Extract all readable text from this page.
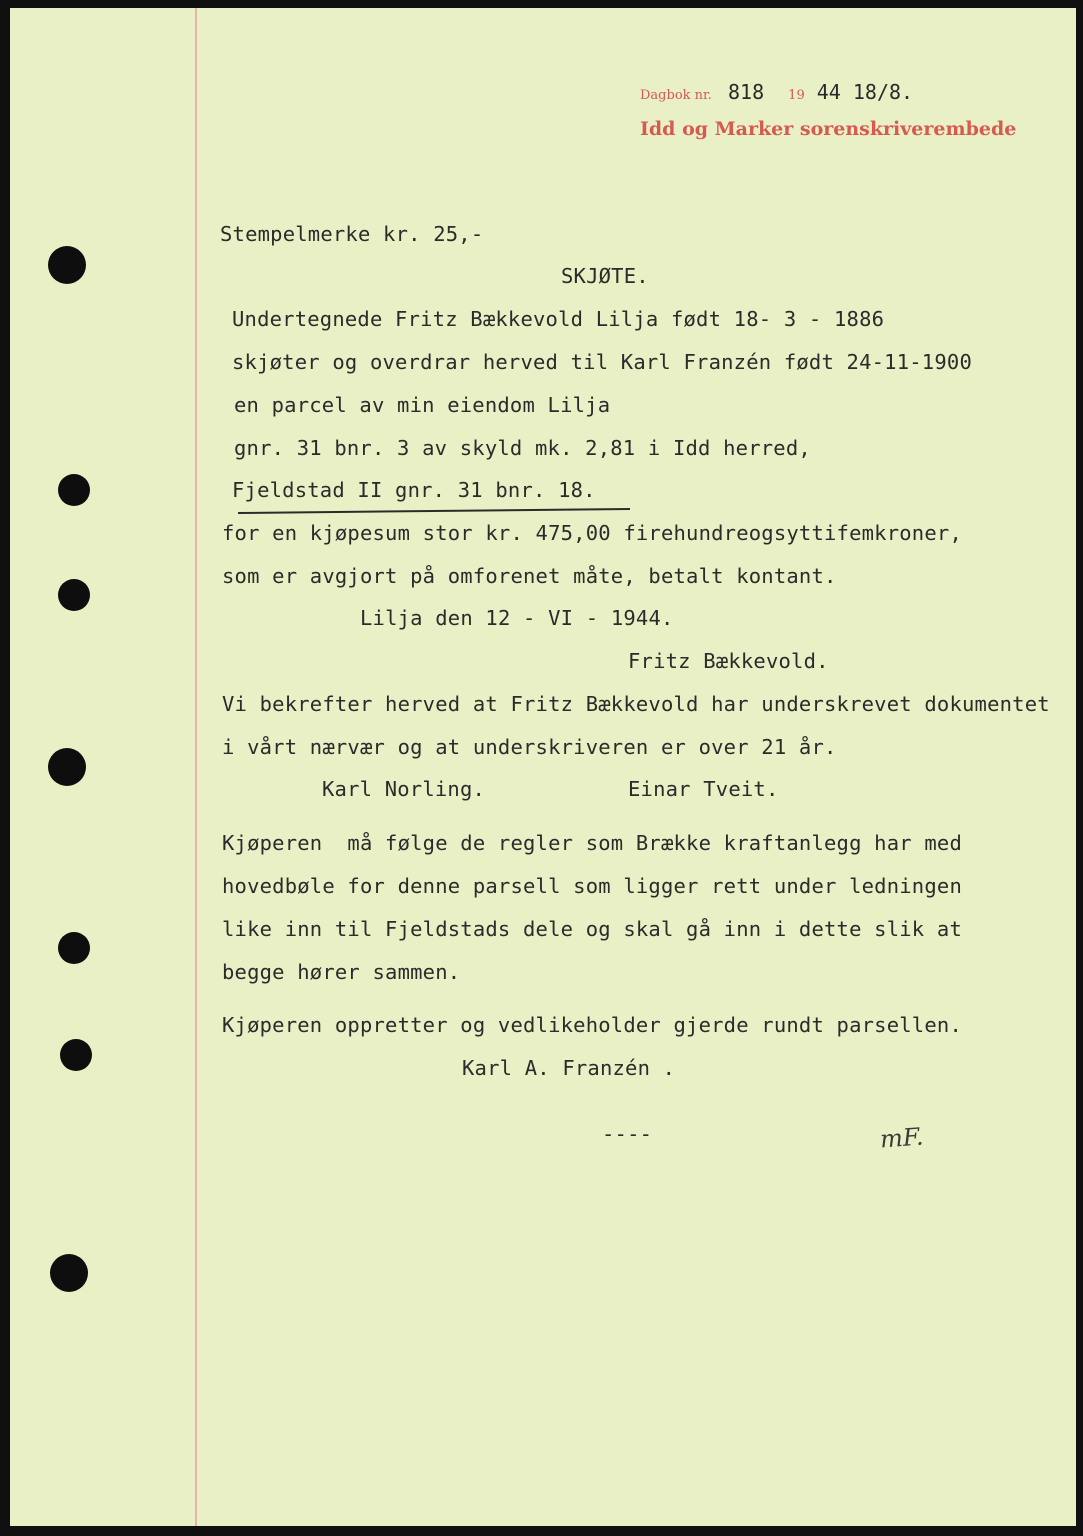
Dagbok nr. 818 19 44 18/8.
Idd og Marker sorenskriverembede
Stempelmerke kr. 25,-
SKJØTE.
Undertegnede Fritz Bækkevold Lilja født 18- 3 - 1886
skjøter og overdrar herved til Karl Franzén født 24-11-1900
en parcel av min eiendom Lilja
gnr. 31 bnr. 3 av skyld mk. 2,81 i Idd herred,
Fjeldstad II gnr. 31 bnr. 18.
for en kjøpesum stor kr. 475,00 firehundreogsyttifemkroner,
som er avgjort på omforenet måte, betalt kontant.
Lilja den 12 - VI - 1944.
Fritz Bækkevold.
Vi bekrefter herved at Fritz Bækkevold har underskrevet dokumentet
i vårt nærvær og at underskriveren er over 21 år.
Karl Norling.	Einar Tveit.
Kjøperen  må følge de regler som Brække kraftanlegg har med
hovedbøle for denne parsell som ligger rett under ledningen
like inn til Fjeldstads dele og skal gå inn i dette slik at
begge hører sammen.
Kjøperen oppretter og vedlikeholder gjerde rundt parsellen.
Karl A. Franzén .
----	mF.
